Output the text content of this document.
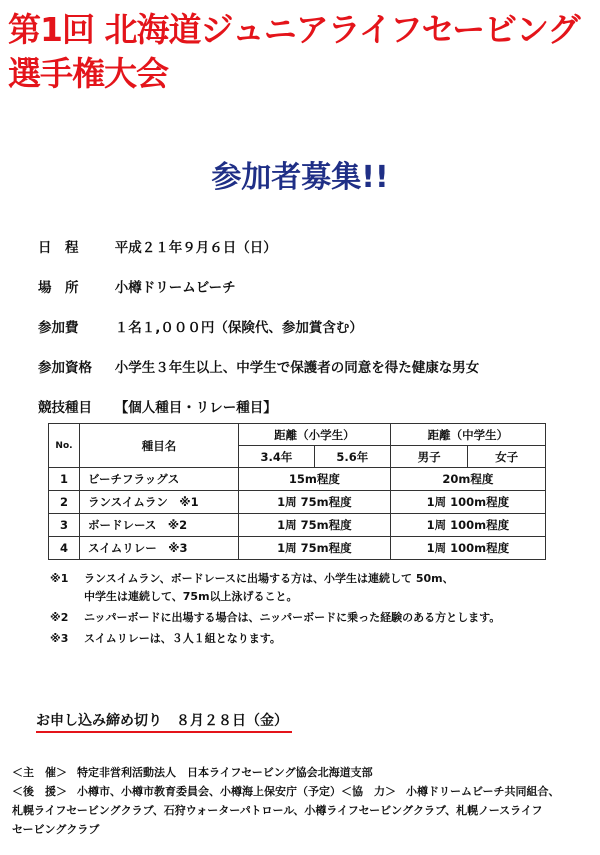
第1回 北海道ジュニアライフセービング選手権大会
参加者募集!!
日　程	平成２１年９月６日（日）
場　所	小樽ドリームビーチ
参加費	１名１,０００円（保険代、参加賞含む）
参加資格 小学生３年生以上、中学生で保護者の同意を得た健康な男女
競技種目 【個人種目・リレー種目】
No.	種目名	距離（小学生）		距離（中学生）	
		3.4年	5.6年	男子	女子
1	ビーチフラッグス	15m程度		20m程度	
2	ランスイムラン　※1	1周 75m程度		1周 100m程度	
3	ボードレース　※2	1周 75m程度		1周 100m程度	
4	スイムリレー　※3	1周 75m程度		1周 100m程度	
※1 ランスイムラン、ボードレースに出場する方は、小学生は連続して 50m、
中学生は連続して、75m以上泳げること。
※2 ニッパーボードに出場する場合は、ニッパーボードに乗った経験のある方とします。
※3 スイムリレーは、３人１組となります。
お申し込み締め切り　８月２８日（金）
＜主　催＞ 特定非営利活動法人　日本ライフセービング協会北海道支部
＜後　援＞ 小樽市、小樽市教育委員会、小樽海上保安庁（予定）＜協　力＞ 小樽ドリームビーチ共同組合、
札幌ライフセービングクラブ、石狩ウォーターパトロール、小樽ライフセービングクラブ、札幌ノースライフ
セービングクラブ
